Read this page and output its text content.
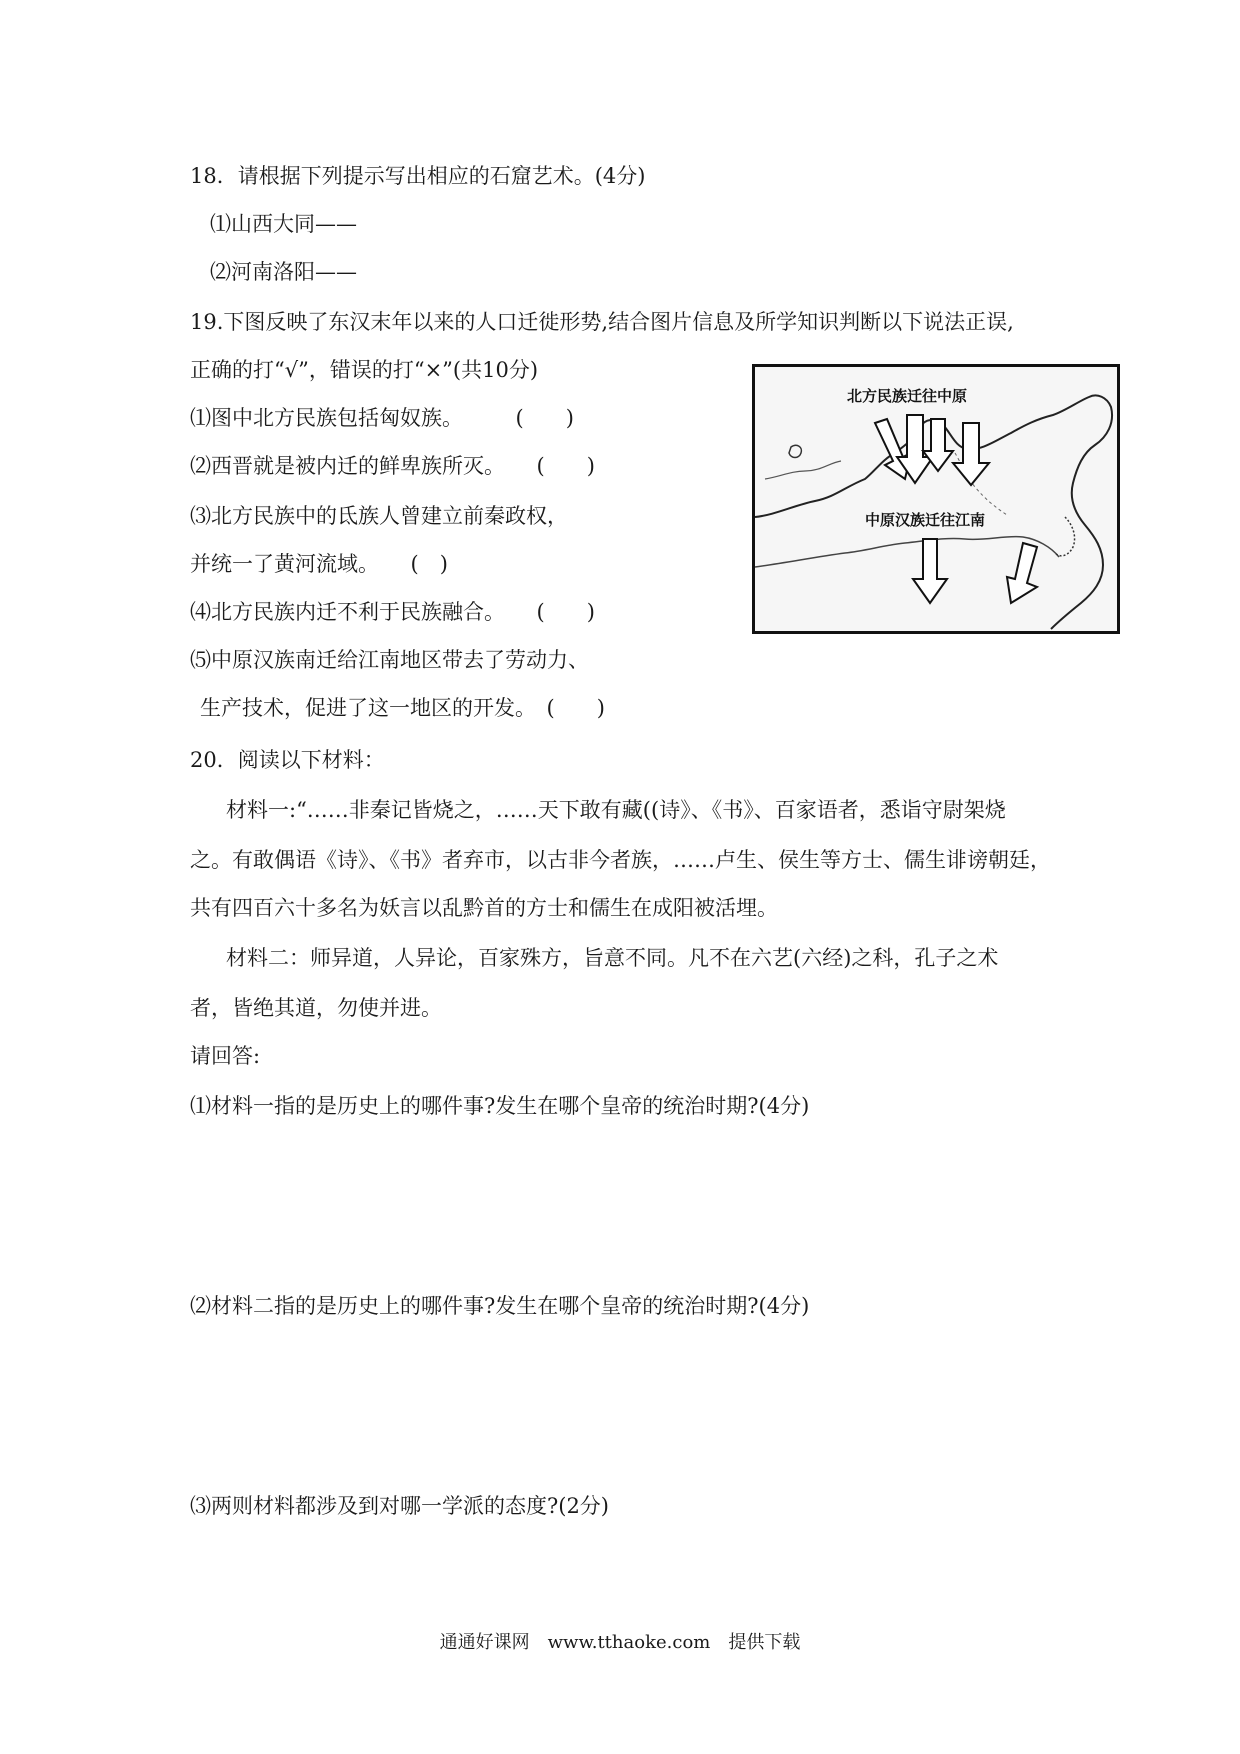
18．请根据下列提示写出相应的石窟艺术。(4分)
⑴山西大同——
⑵河南洛阳——
19.下图反映了东汉末年以来的人口迁徙形势,结合图片信息及所学知识判断以下说法正误,
正确的打“√”，错误的打“×”(共10分)
⑴图中北方民族包括匈奴族。　　　(　　)
⑵西晋就是被内迁的鲜卑族所灭。　　(　　)
⑶北方民族中的氐族人曾建立前秦政权，
并统一了黄河流域。　　(　)
⑷北方民族内迁不利于民族融合。　　(　　)
⑸中原汉族南迁给江南地区带去了劳动力、
生产技术，促进了这一地区的开发。　(　　)
北方民族迁往中原
中原汉族迁往江南
20．阅读以下材料：
材料一:“……非秦记皆烧之，……天下敢有藏((诗》、《书》、百家语者，悉诣守尉架烧
之。有敢偶语《诗》、《书》者弃市，以古非今者族，……卢生、侯生等方士、儒生诽谤朝廷，
共有四百六十多名为妖言以乱黔首的方士和儒生在成阳被活埋。
材料二：师异道，人异论，百家殊方，旨意不同。凡不在六艺(六经)之科，孔子之术
者，皆绝其道，勿使并进。
请回答:
⑴材料一指的是历史上的哪件事?发生在哪个皇帝的统治时期?(4分)
⑵材料二指的是历史上的哪件事?发生在哪个皇帝的统治时期?(4分)
⑶两则材料都涉及到对哪一学派的态度?(2分)
通通好课网　www.tthaoke.com　提供下载
